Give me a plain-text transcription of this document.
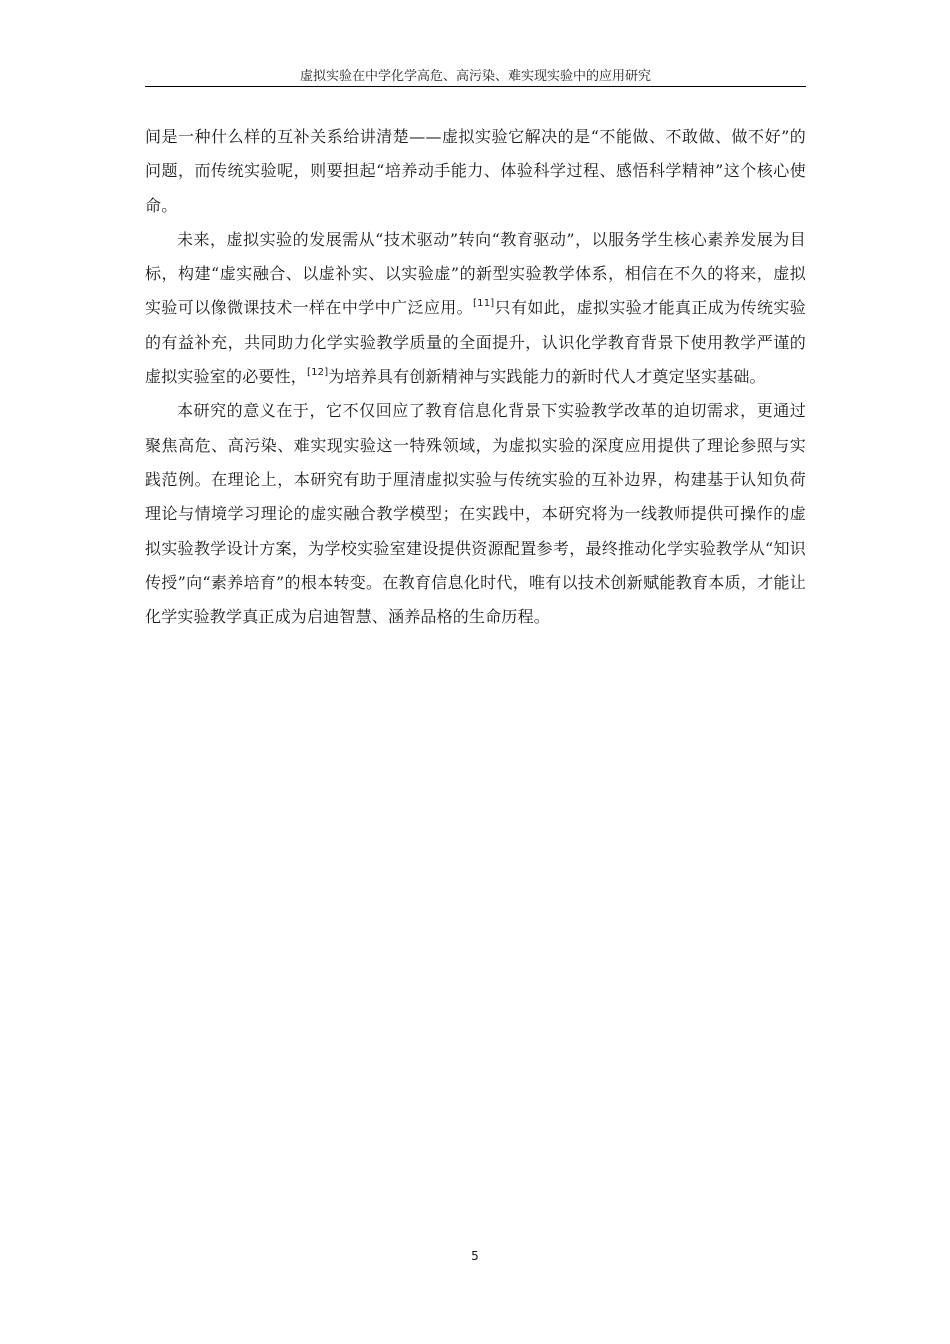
虚拟实验在中学化学高危、高污染、难实现实验中的应用研究

间是一种什么样的互补关系给讲清楚——虚拟实验它解决的是“不能做、不敢做、做不好”的问题，而传统实验呢，则要担起“培养动手能力、体验科学过程、感悟科学精神”这个核心使命。

未来，虚拟实验的发展需从“技术驱动”转向“教育驱动”，以服务学生核心素养发展为目标，构建“虚实融合、以虚补实、以实验虚”的新型实验教学体系，相信在不久的将来，虚拟实验可以像微课技术一样在中学中广泛应用。[11]只有如此，虚拟实验才能真正成为传统实验的有益补充，共同助力化学实验教学质量的全面提升，认识化学教育背景下使用教学严谨的虚拟实验室的必要性，[12]为培养具有创新精神与实践能力的新时代人才奠定坚实基础。

本研究的意义在于，它不仅回应了教育信息化背景下实验教学改革的迫切需求，更通过聚焦高危、高污染、难实现实验这一特殊领域，为虚拟实验的深度应用提供了理论参照与实践范例。在理论上，本研究有助于厘清虚拟实验与传统实验的互补边界，构建基于认知负荷理论与情境学习理论的虚实融合教学模型；在实践中，本研究将为一线教师提供可操作的虚拟实验教学设计方案，为学校实验室建设提供资源配置参考，最终推动化学实验教学从“知识传授”向“素养培育”的根本转变。在教育信息化时代，唯有以技术创新赋能教育本质，才能让化学实验教学真正成为启迪智慧、涵养品格的生命历程。

5
